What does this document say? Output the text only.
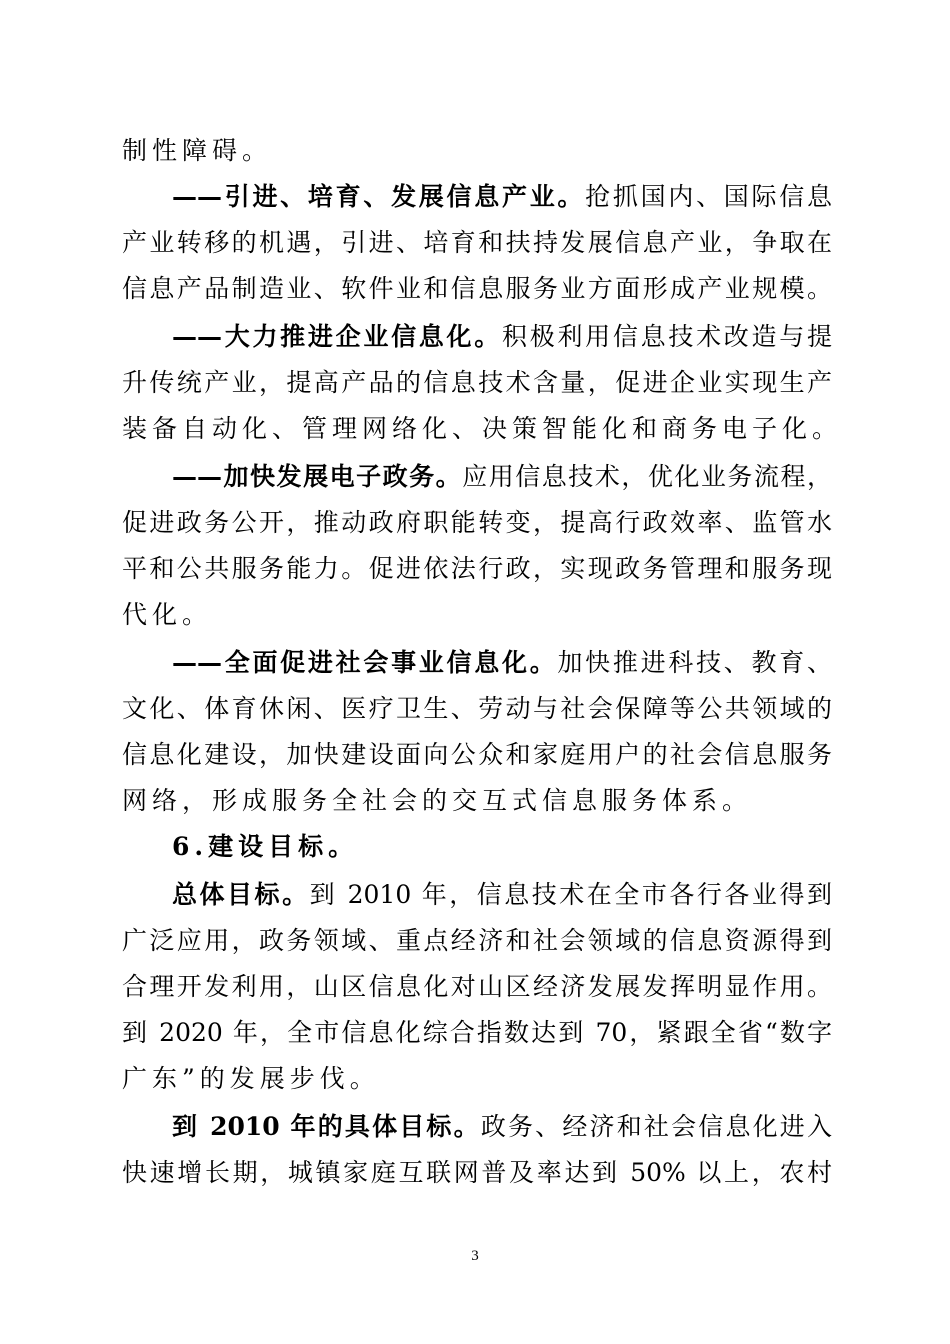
制性障碍。
——引进、培育、发展信息产业。抢抓国内、国际信息
产业转移的机遇，引进、培育和扶持发展信息产业，争取在
信息产品制造业、软件业和信息服务业方面形成产业规模。
——大力推进企业信息化。积极利用信息技术改造与提
升传统产业，提高产品的信息技术含量，促进企业实现生产
装备自动化、管理网络化、决策智能化和商务电子化。
——加快发展电子政务。应用信息技术，优化业务流程，
促进政务公开，推动政府职能转变，提高行政效率、监管水
平和公共服务能力。促进依法行政，实现政务管理和服务现
代化。
——全面促进社会事业信息化。加快推进科技、教育、
文化、体育休闲、医疗卫生、劳动与社会保障等公共领域的
信息化建设，加快建设面向公众和家庭用户的社会信息服务
网络，形成服务全社会的交互式信息服务体系。
6.建设目标。
总体目标。到 2010 年，信息技术在全市各行各业得到
广泛应用，政务领域、重点经济和社会领域的信息资源得到
合理开发利用，山区信息化对山区经济发展发挥明显作用。
到 2020 年，全市信息化综合指数达到 70，紧跟全省“数字
广东”的发展步伐。
到 2010 年的具体目标。政务、经济和社会信息化进入
快速增长期，城镇家庭互联网普及率达到 50% 以上，农村
3
